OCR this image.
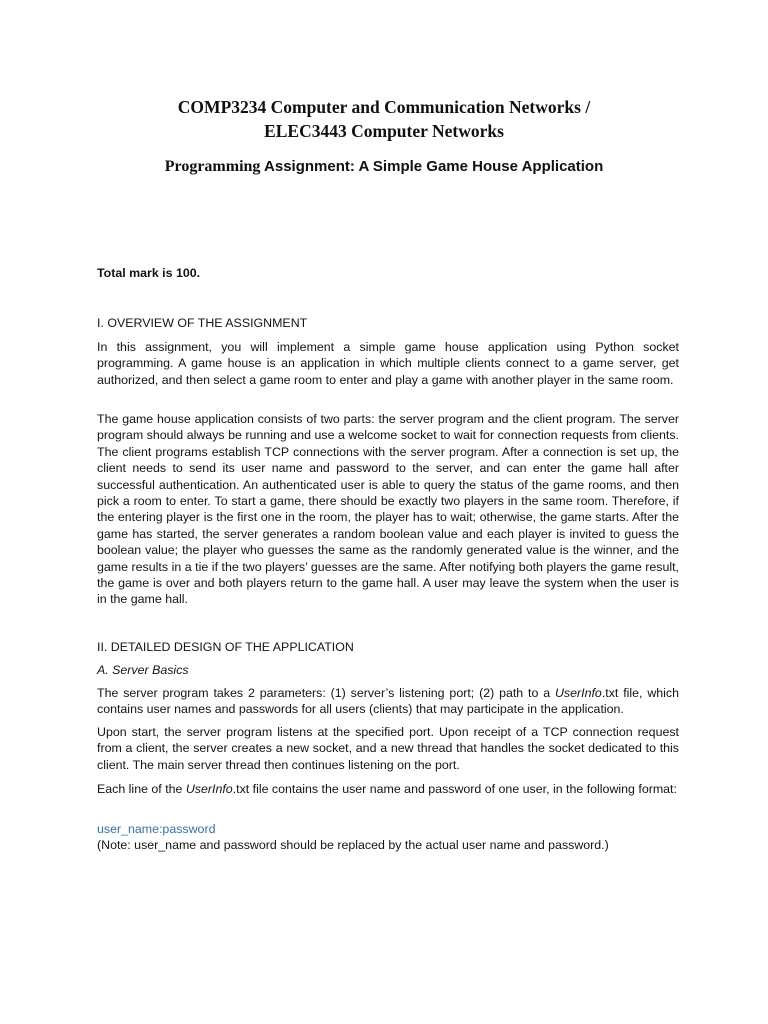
COMP3234 Computer and Communication Networks /
ELEC3443 Computer Networks
Programming Assignment: A Simple Game House Application
Total mark is 100.
I. OVERVIEW OF THE ASSIGNMENT

In this assignment, you will implement a simple game house application using Python socket programming. A game house is an application in which multiple clients connect to a game server, get authorized, and then select a game room to enter and play a game with another player in the same room.

The game house application consists of two parts: the server program and the client program. The server program should always be running and use a welcome socket to wait for connection requests from clients. The client programs establish TCP connections with the server program. After a connection is set up, the client needs to send its user name and password to the server, and can enter the game hall after successful authentication. An authenticated user is able to query the status of the game rooms, and then pick a room to enter. To start a game, there should be exactly two players in the same room. Therefore, if the entering player is the first one in the room, the player has to wait; otherwise, the game starts. After the game has started, the server generates a random boolean value and each player is invited to guess the boolean value; the player who guesses the same as the randomly generated value is the winner, and the game results in a tie if the two players’ guesses are the same. After notifying both players the game result, the game is over and both players return to the game hall. A user may leave the system when the user is in the game hall.

II. DETAILED DESIGN OF THE APPLICATION
A. Server Basics

The server program takes 2 parameters: (1) server’s listening port; (2) path to a UserInfo.txt file, which contains user names and passwords for all users (clients) that may participate in the application.

Upon start, the server program listens at the specified port. Upon receipt of a TCP connection request from a client, the server creates a new socket, and a new thread that handles the socket dedicated to this client. The main server thread then continues listening on the port.

Each line of the UserInfo.txt file contains the user name and password of one user, in the following format:

user_name:password
(Note: user_name and password should be replaced by the actual user name and password.)
